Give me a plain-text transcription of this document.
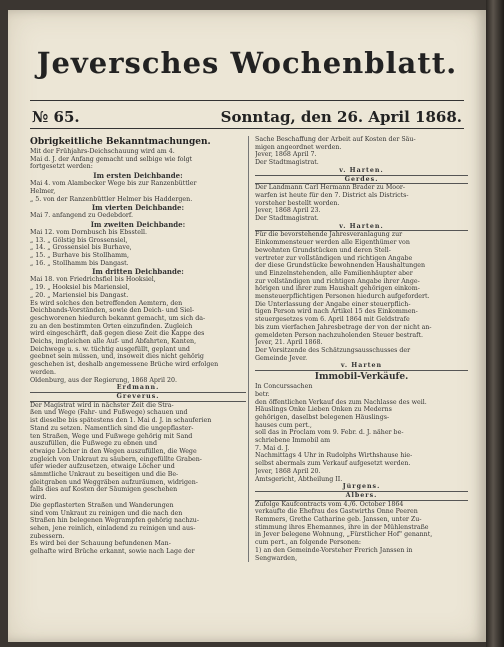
Jeversches Wochenblatt.
№ 65.	Sonntag, den 26. April 1868.

Obrigkeitliche Bekanntmachungen.

Mit der Frühjahrs-Deichschauung wird am 4.

Mai d. J. der Anfang gemacht und selbige wie folgt

fortgesetzt werden:

Im ersten Deichbande:

Mai 4. vom Alambecker Wege bis zur Ranzenbüttler

Helmer,

„ 5. von der Ranzenbüttler Helmer bis Haddergen.

Im vierten Deichbande:

Mai 7. anfangend zu Oedebdorf.

Im zweiten Deichbande:

Mai 12. vom Dornbusch bis Ebsstell.

„ 13. „ Gölstig bis Grossensiel,

„ 14. „ Grossensiel bis Burhave,

„ 15. „ Burhave bis Stollhamm,

„ 16. „ Stollhamm bis Dangast.

Im dritten Deichbande:

Mai 18. von Friedrichsfiel bis Hooksiel,

„ 19. „ Hooksiel bis Mariensiel,

„ 20. „ Mariensiel bis Dangast.

Es wird solches den betreffenden Aemtern, den

Deichbands-Vorständen, sowie den Deich- und Siel-

geschworenen hiedurch bekannt gemacht, um sich da-

zu an den bestimmten Orten einzufinden. Zugleich

wird eingeschärft, daß gegen diese Zeit die Kappe des

Deichs, imgleichen alle Auf- und Abfahrten, Kanten,

Deichwege u. s. w. tüchtig ausgefüllt, geplant und

geebnet sein müssen, und, insoweit dies nicht gehörig

geschehen ist, deshalb angemessene Brüche wird erfolgen

werden.

Oldenburg, aus der Regierung, 1868 April 20.

Erdmann.

Greverus.

Der Magistrat wird in nächster Zeit die Stra-

ßen und Wege (Fahr- und Fußwege) schauen und

ist dieselbe bis spätestens den 1. Mai d. J. in schauferien

Stand zu setzen. Namentlich sind die ungepflaster-

ten Straßen, Wege und Fußwege gehörig mit Sand

auszufüllen, die Fußwege zu ebnen und

etwaige Löcher in den Wegen auszufüllen, die Wege

zugleich von Unkraut zu säubern, eingefüllte Graben-

ufer wieder aufzusetzen, etwaige Löcher und

sämmtliche Unkraut zu beseitigen und die Be-

gleitgraben und Weggräben aufzuräumen, widrigen-

falls dies auf Kosten der Säumigen geschehen

wird.

Die gepflasterten Straßen und Wanderungen

sind vom Unkraut zu reinigen und die nach den

Straßen hin belegenen Wegrampfen gehörig nachzu-

sehen, jene reinlich, einladend zu reinigen und aus-

zubessern.

Es wird bei der Schauung befundenen Man-

gelhafte wird Brüche erkannt, sowie nach Lage der

Sache Beschaffung der Arbeit auf Kosten der Säu-

migen angeordnet werden.

Jever, 1868 April 7.

Der Stadtmagistrat.

v. Harten.

Gerdes.

Der Landmann Carl Hermann Brader zu Moor-

warfen ist heute für den 7. District als Districts-

vorsteher bestellt worden.

Jever, 1868 April 23.

Der Stadtmagistrat.

v. Harten.

Für die bevorstehende Jahresveranlagung zur

Einkommensteuer werden alle Eigenthümer von

bewohnten Grundstücken und deren Stell-

vertreter zur vollständigen und richtigen Angabe

der diese Grundstücke bewohnenden Haushaltungen

und Einzelnstehenden, alle Familienhäupter aber

zur vollständigen und richtigen Angabe ihrer Ange-

hörigen und ihrer zum Haushalt gehörigen einkom-

mensteuerpflichtigen Personen hiedurch aufgefordert.

Die Unterlassung der Angabe einer steuerpflich-

tigen Person wird nach Artikel 15 des Einkommen-

steuergesetzes vom 6. April 1864 mit Geldstrafe

bis zum vierfachen Jahresbetrage der von der nicht an-

gemeldeten Person nachzuholenden Steuer bestraft.

Jever, 21. April 1868.

Der Vorsitzende des Schätzungsausschusses der

Gemeinde Jever.

v. Harten

Immobil-Verkäufe.

In Concurssachen

betr.

den öffentlichen Verkauf des zum Nachlasse des weil.

Häuslings Onke Lieben Onken zu Mederns

gehörigen, daselbst belegenen Häuslings-

hauses cum pert.,

soll das in Proclam vom 9. Febr. d. J. näher be-

schriebene Immobil am

7. Mai d. J.

Nachmittags 4 Uhr in Rudolphs Wirthshause hie-

selbst abermals zum Verkauf aufgesetzt werden.

Jever, 1868 April 20.

Amtsgericht, Abtheilung II.

Jürgens.

Albers.

Zufolge Kaufcontracts vom 4./6. October 1864

verkaufte die Ehefrau des Gastwirths Onne Peeren

Remmers, Grethe Catharine geb. Janssen, unter Zu-

stimmung ihres Ehemannes, ihre in der Mühlenstraße

in Jever belegene Wohnung, „Fürstlicher Hof" genannt,

cum pert., an folgende Personen:

1) an den Gemeinde-Vorsteher Frerich Janssen in

Sengwarden,
